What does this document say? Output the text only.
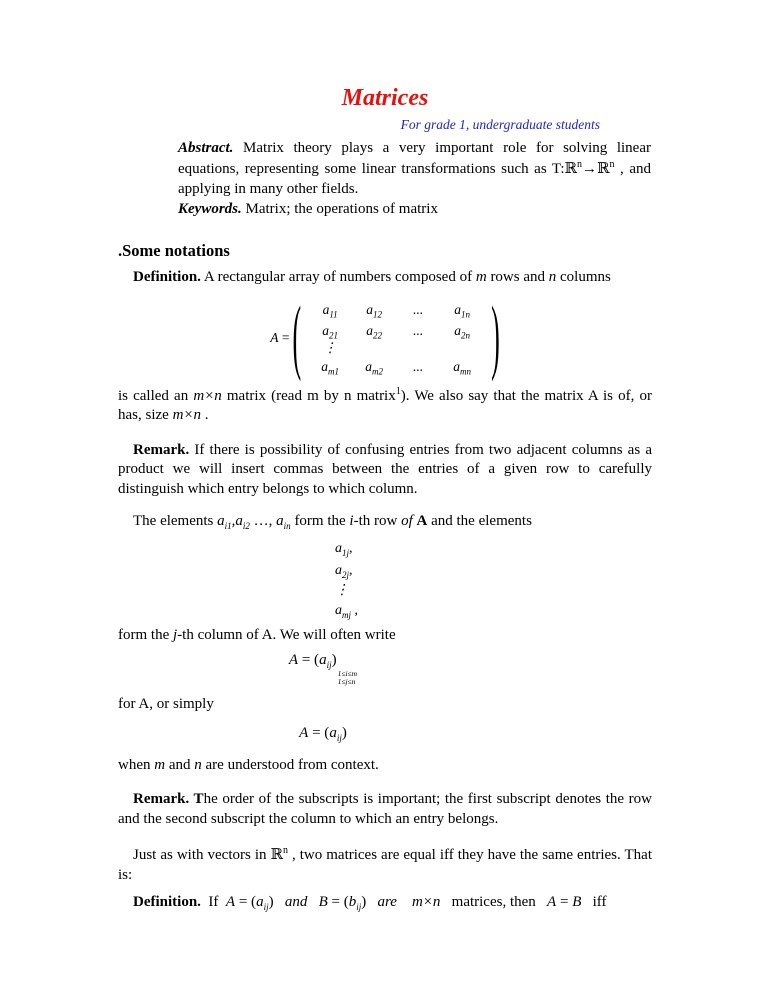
Matrices
For grade 1, undergraduate students

Abstract. Matrix theory plays a very important role for solving linear equations, representing some linear transformations such as T:ℝ$^n$→ℝ$^n$ , and applying in many other fields.

Keywords. Matrix; the operations of matrix

.Some notations

Definition. A rectangular array of numbers composed of m rows and n columns

A = (	$a_{11}$	$a_{12}$	...	$a_{1n}$
$a_{21}$	$a_{22}$	...	$a_{2n}$
⋮
$a_{m1}$	$a_{m2}$	...	$a_{mn}$ )

is called an m×n matrix (read m by n matrix$^1$). We also say that the matrix A is of, or has, size m×n .

Remark. If there is possibility of confusing entries from two adjacent columns as a product we will insert commas between the entries of a given row to carefully distinguish which entry belongs to which column.

The elements $a_{i1},a_{i2}$ …, $a_{in}$ form the i-th row of A and the elements

$a_{1j}$,
$a_{2j}$,
⋮
$a_{mj}$ ,

form the j-th column of A. We will often write

$A = (a_{ij})$
1≤i≤m
1≤j≤n

for A, or simply

$A = (a_{ij})$

when m and n are understood from context.

Remark. The order of the subscripts is important; the first subscript denotes the row and the second subscript the column to which an entry belongs.

Just as with vectors in ℝ$^n$ , two matrices are equal iff they have the same entries. That is:

Definition.  If  $A = (a_{ij})$ and $B = (b_{ij})$ are m×n   matrices, then   A = B   iff
